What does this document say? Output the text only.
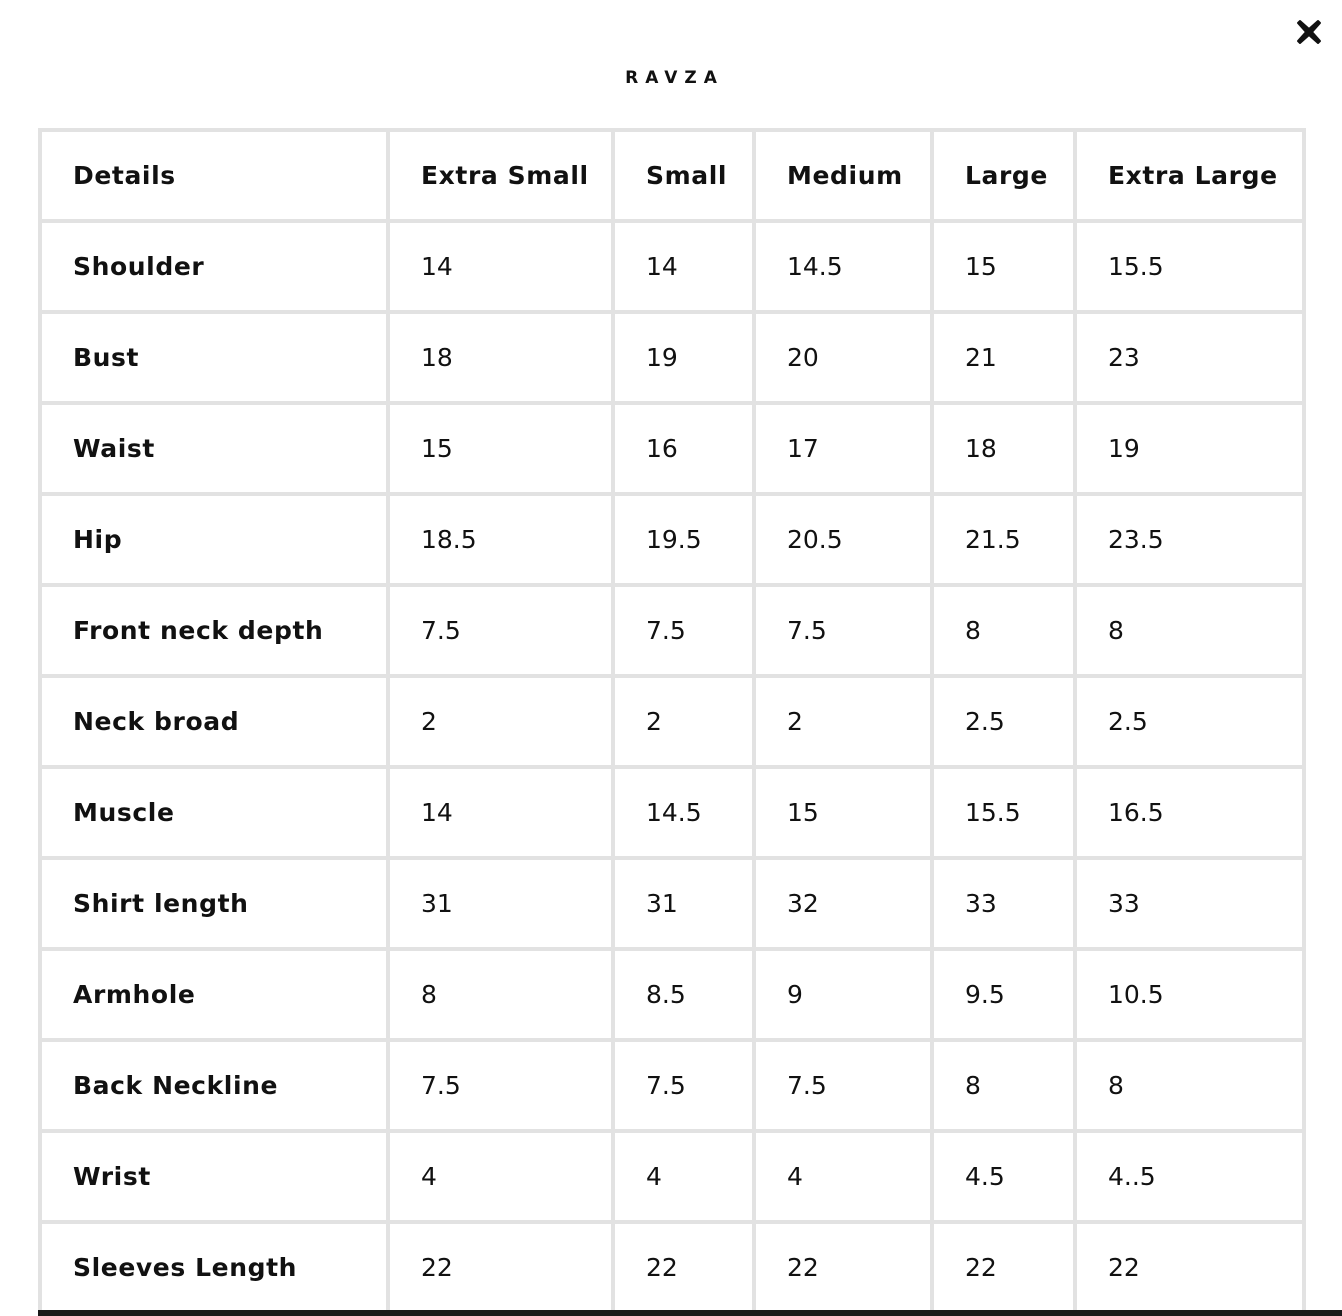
RAVZA
Details	Extra Small	Small	Medium	Large	Extra Large
Shoulder	14	14	14.5	15	15.5
Bust	18	19	20	21	23
Waist	15	16	17	18	19
Hip	18.5	19.5	20.5	21.5	23.5
Front neck depth	7.5	7.5	7.5	8	8
Neck broad	2	2	2	2.5	2.5
Muscle	14	14.5	15	15.5	16.5
Shirt length	31	31	32	33	33
Armhole	8	8.5	9	9.5	10.5
Back Neckline	7.5	7.5	7.5	8	8
Wrist	4	4	4	4.5	4..5
Sleeves Length	22	22	22	22	22
